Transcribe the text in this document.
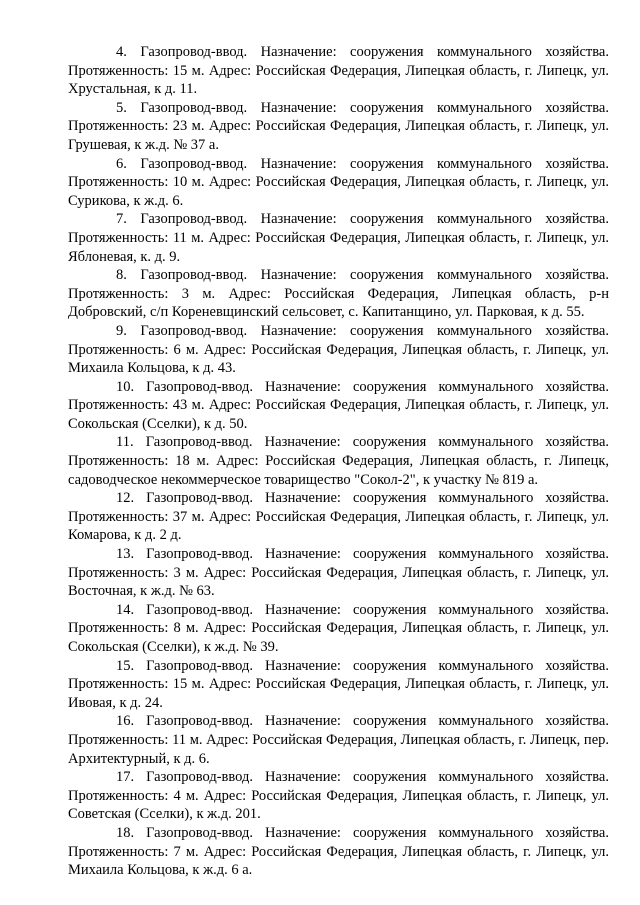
4. Газопровод-ввод. Назначение: сооружения коммунального хозяйства. Протяженность: 15 м. Адрес: Российская Федерация, Липецкая область, г. Липецк, ул. Хрустальная, к д. 11.

5. Газопровод-ввод. Назначение: сооружения коммунального хозяйства. Протяженность: 23 м. Адрес: Российская Федерация, Липецкая область, г. Липецк, ул. Грушевая, к ж.д. № 37 а.

6. Газопровод-ввод. Назначение: сооружения коммунального хозяйства. Протяженность: 10 м. Адрес: Российская Федерация, Липецкая область, г. Липецк, ул. Сурикова, к ж.д. 6.

7. Газопровод-ввод. Назначение: сооружения коммунального хозяйства. Протяженность: 11 м. Адрес: Российская Федерация, Липецкая область, г. Липецк, ул. Яблоневая, к. д. 9.

8. Газопровод-ввод. Назначение: сооружения коммунального хозяйства. Протяженность: 3 м. Адрес: Российская Федерация, Липецкая область, р-н Добровский, с/п Кореневщинский сельсовет, с. Капитанщино, ул. Парковая, к д. 55.

9. Газопровод-ввод. Назначение: сооружения коммунального хозяйства. Протяженность: 6 м. Адрес: Российская Федерация, Липецкая область, г. Липецк, ул. Михаила Кольцова, к д. 43.

10. Газопровод-ввод. Назначение: сооружения коммунального хозяйства. Протяженность: 43 м. Адрес: Российская Федерация, Липецкая область, г. Липецк, ул. Сокольская (Сселки), к д. 50.

11. Газопровод-ввод. Назначение: сооружения коммунального хозяйства. Протяженность: 18 м. Адрес: Российская Федерация, Липецкая область, г. Липецк, садоводческое некоммерческое товарищество "Сокол-2", к участку № 819 а.

12. Газопровод-ввод. Назначение: сооружения коммунального хозяйства. Протяженность: 37 м. Адрес: Российская Федерация, Липецкая область, г. Липецк, ул. Комарова, к д. 2 д.

13. Газопровод-ввод. Назначение: сооружения коммунального хозяйства. Протяженность: 3 м. Адрес: Российская Федерация, Липецкая область, г. Липецк, ул. Восточная, к ж.д. № 63.

14. Газопровод-ввод. Назначение: сооружения коммунального хозяйства. Протяженность: 8 м. Адрес: Российская Федерация, Липецкая область, г. Липецк, ул. Сокольская (Сселки), к ж.д. № 39.

15. Газопровод-ввод. Назначение: сооружения коммунального хозяйства. Протяженность: 15 м. Адрес: Российская Федерация, Липецкая область, г. Липецк, ул. Ивовая, к д. 24.

16. Газопровод-ввод. Назначение: сооружения коммунального хозяйства. Протяженность: 11 м. Адрес: Российская Федерация, Липецкая область, г. Липецк, пер. Архитектурный, к д. 6.

17. Газопровод-ввод. Назначение: сооружения коммунального хозяйства. Протяженность: 4 м. Адрес: Российская Федерация, Липецкая область, г. Липецк, ул. Советская (Сселки), к ж.д. 201.

18. Газопровод-ввод. Назначение: сооружения коммунального хозяйства. Протяженность: 7 м. Адрес: Российская Федерация, Липецкая область, г. Липецк, ул. Михаила Кольцова, к ж.д. 6 а.
